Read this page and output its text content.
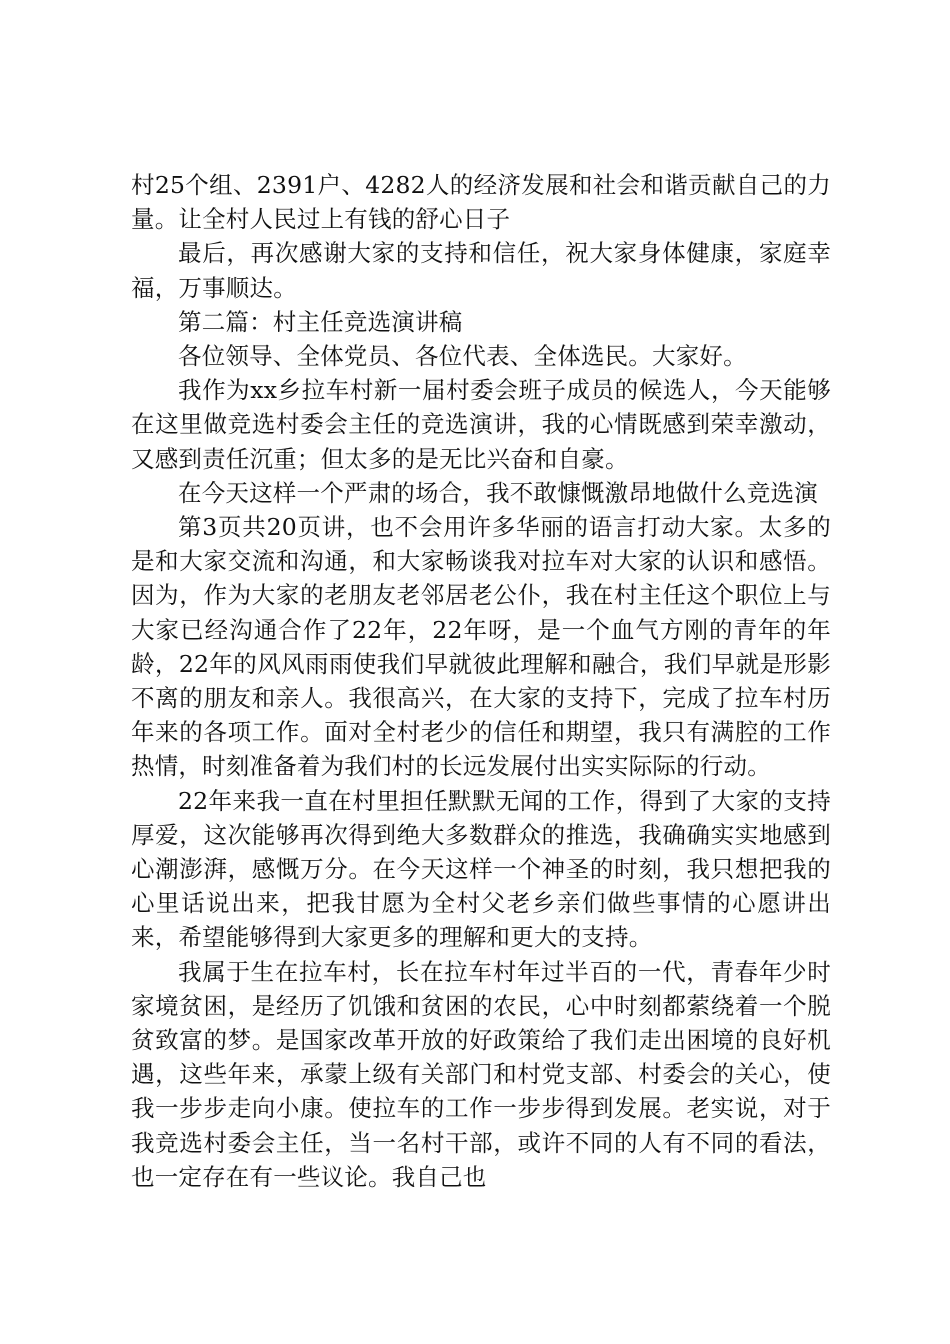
村25个组、2391户、4282人的经济发展和社会和谐贡献自己的力量。让全村人民过上有钱的舒心日子

最后，再次感谢大家的支持和信任，祝大家身体健康，家庭幸福，万事顺达。

第二篇：村主任竞选演讲稿

各位领导、全体党员、各位代表、全体选民。大家好。

我作为xx乡拉车村新一届村委会班子成员的候选人，今天能够在这里做竞选村委会主任的竞选演讲，我的心情既感到荣幸激动，又感到责任沉重；但太多的是无比兴奋和自豪。

在今天这样一个严肃的场合，我不敢慷慨激昂地做什么竞选演

第3页共20页讲，也不会用许多华丽的语言打动大家。太多的是和大家交流和沟通，和大家畅谈我对拉车对大家的认识和感悟。因为，作为大家的老朋友老邻居老公仆，我在村主任这个职位上与大家已经沟通合作了22年，22年呀，是一个血气方刚的青年的年龄，22年的风风雨雨使我们早就彼此理解和融合，我们早就是形影不离的朋友和亲人。我很高兴，在大家的支持下，完成了拉车村历年来的各项工作。面对全村老少的信任和期望，我只有满腔的工作热情，时刻准备着为我们村的长远发展付出实实际际的行动。

22年来我一直在村里担任默默无闻的工作，得到了大家的支持厚爱，这次能够再次得到绝大多数群众的推选，我确确实实地感到心潮澎湃，感慨万分。在今天这样一个神圣的时刻，我只想把我的心里话说出来，把我甘愿为全村父老乡亲们做些事情的心愿讲出来，希望能够得到大家更多的理解和更大的支持。

我属于生在拉车村，长在拉车村年过半百的一代，青春年少时家境贫困，是经历了饥饿和贫困的农民，心中时刻都萦绕着一个脱贫致富的梦。是国家改革开放的好政策给了我们走出困境的良好机遇，这些年来，承蒙上级有关部门和村党支部、村委会的关心，使我一步步走向小康。使拉车的工作一步步得到发展。老实说，对于我竞选村委会主任，当一名村干部，或许不同的人有不同的看法，也一定存在有一些议论。我自己也
